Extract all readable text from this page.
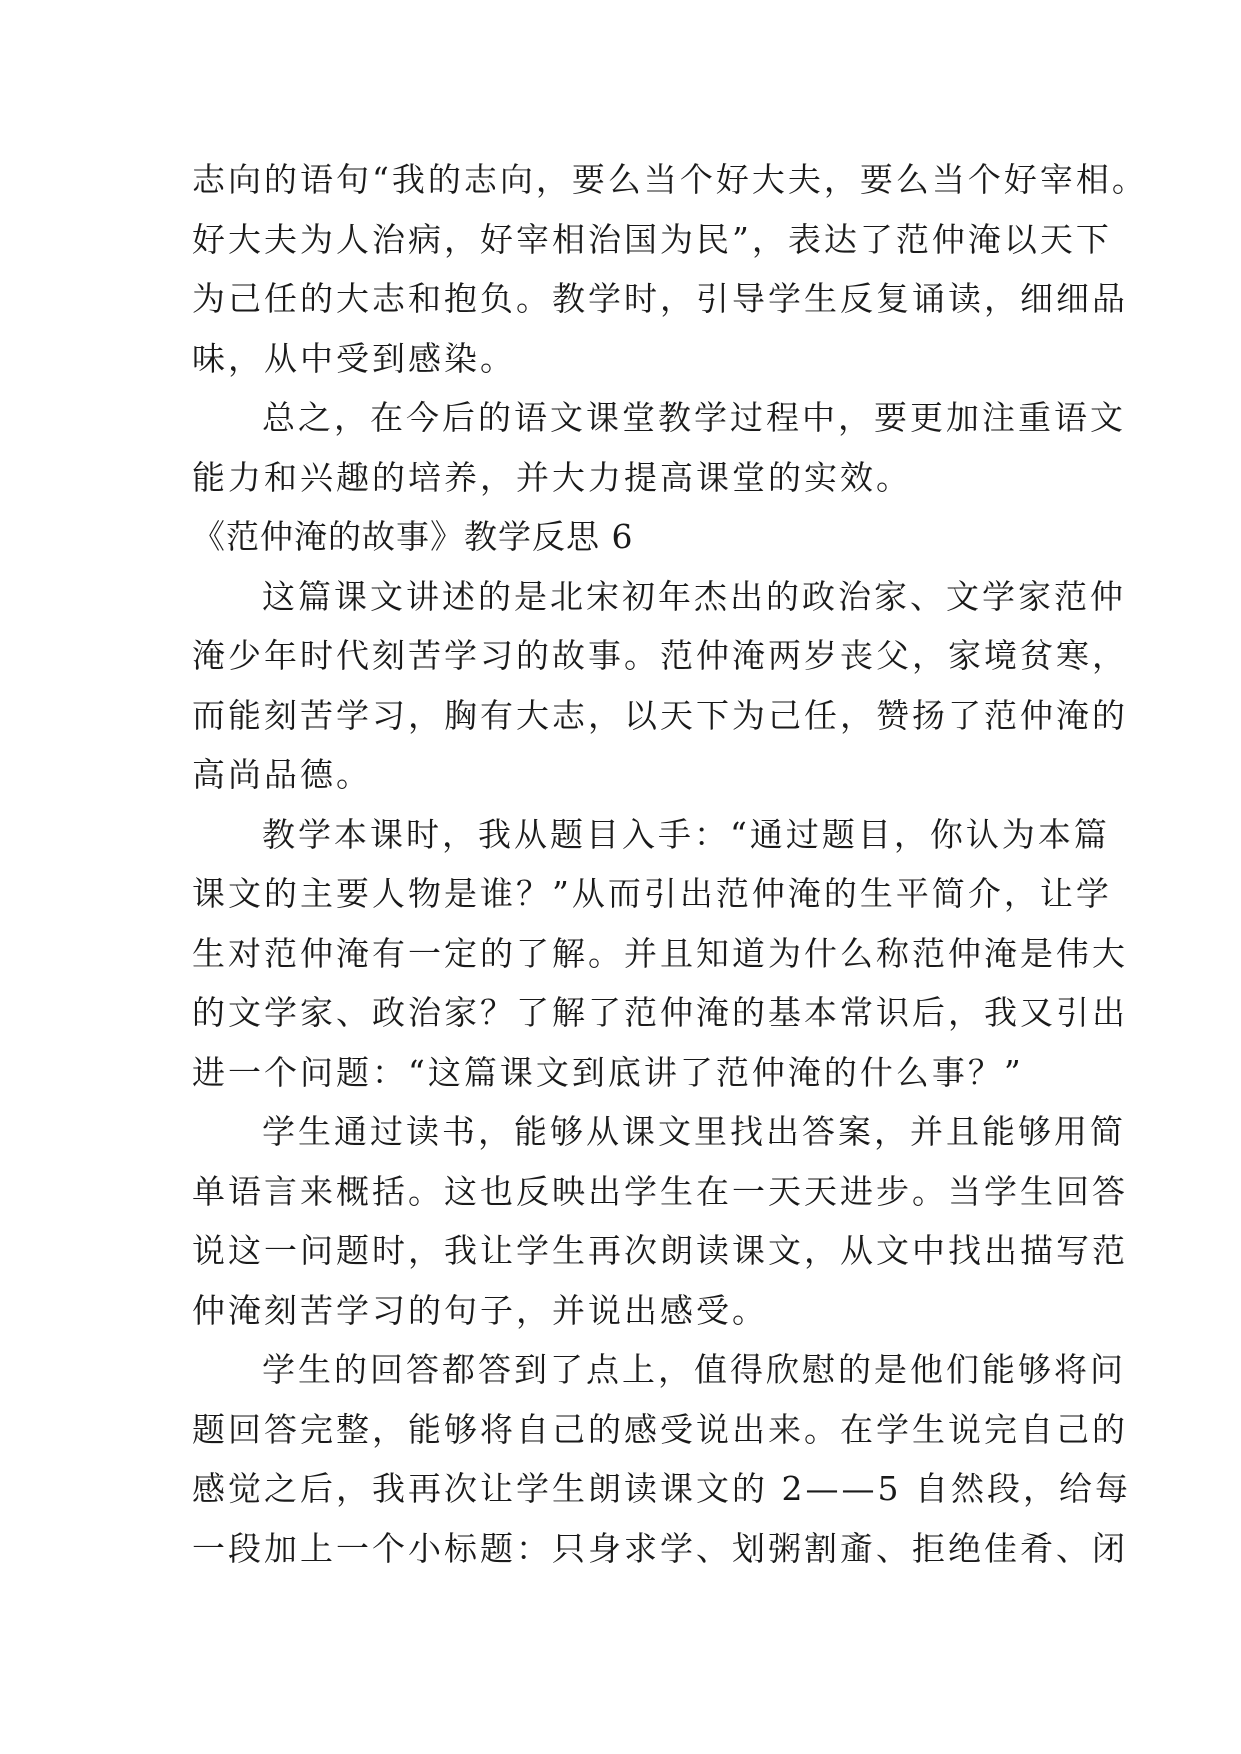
志向的语句“我的志向，要么当个好大夫，要么当个好宰相。
好大夫为人治病，好宰相治国为民”，表达了范仲淹以天下
为己任的大志和抱负。教学时，引导学生反复诵读，细细品
味，从中受到感染。
总之，在今后的语文课堂教学过程中，要更加注重语文
能力和兴趣的培养，并大力提高课堂的实效。
《范仲淹的故事》教学反思 6
这篇课文讲述的是北宋初年杰出的政治家、文学家范仲
淹少年时代刻苦学习的故事。范仲淹两岁丧父，家境贫寒，
而能刻苦学习，胸有大志，以天下为己任，赞扬了范仲淹的
高尚品德。
教学本课时，我从题目入手：“通过题目，你认为本篇
课文的主要人物是谁？”从而引出范仲淹的生平简介，让学
生对范仲淹有一定的了解。并且知道为什么称范仲淹是伟大
的文学家、政治家？了解了范仲淹的基本常识后，我又引出
进一个问题：“这篇课文到底讲了范仲淹的什么事？”
学生通过读书，能够从课文里找出答案，并且能够用简
单语言来概括。这也反映出学生在一天天进步。当学生回答
说这一问题时，我让学生再次朗读课文，从文中找出描写范
仲淹刻苦学习的句子，并说出感受。
学生的回答都答到了点上，值得欣慰的是他们能够将问
题回答完整，能够将自己的感受说出来。在学生说完自己的
感觉之后，我再次让学生朗读课文的 2——5 自然段，给每
一段加上一个小标题：只身求学、划粥割齑、拒绝佳肴、闭
